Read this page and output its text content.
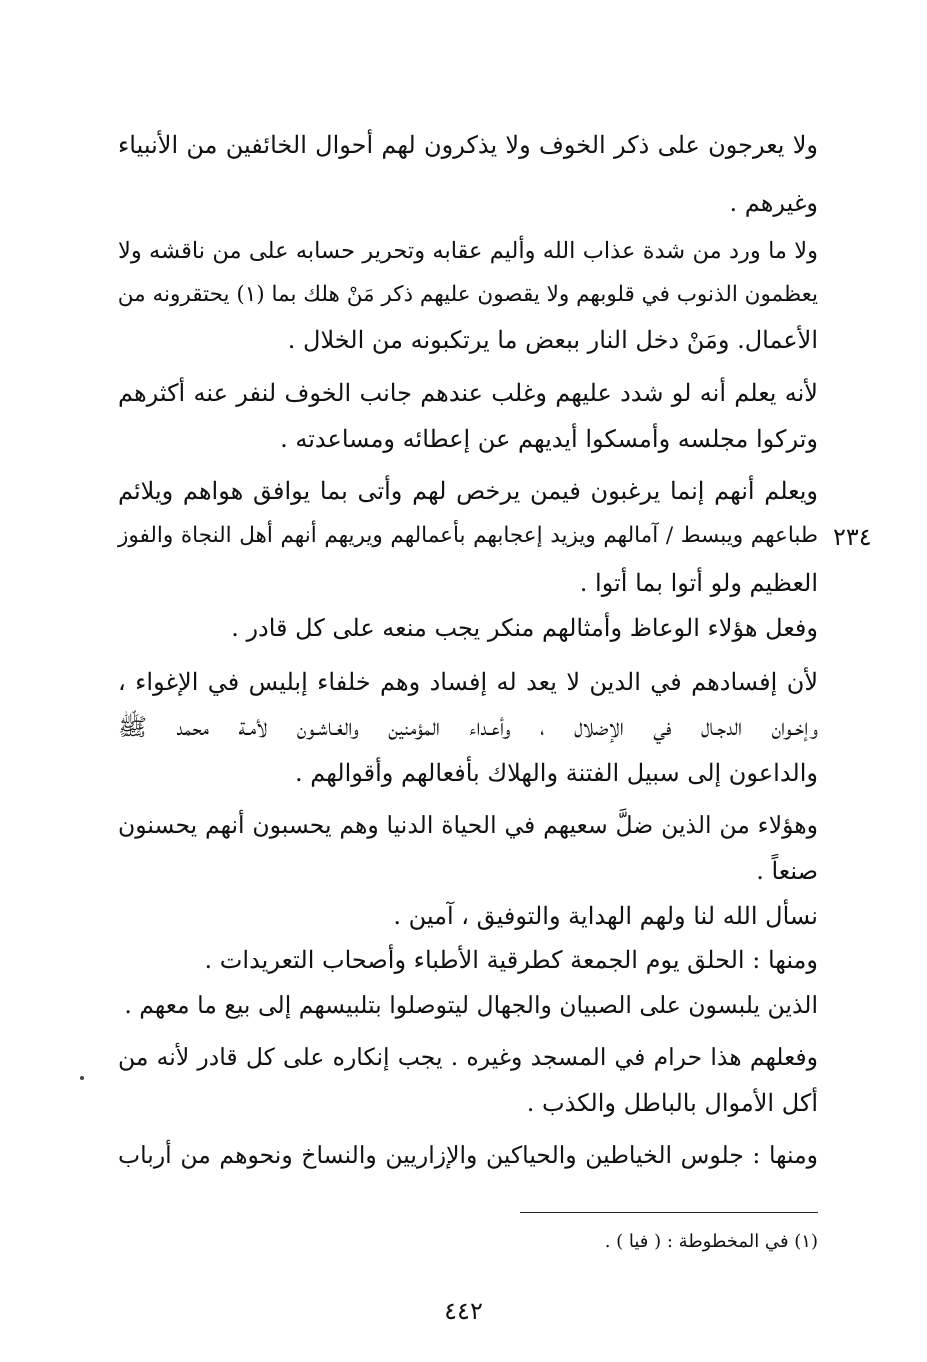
ولا يعرجون على ذكر الخوف ولا يذكرون لهم أحوال الخائفين من الأنبياء
وغيرهم .
ولا ما ورد من شدة عذاب الله وأليم عقابه وتحرير حسابه على من ناقشه ولا
يعظمون الذنوب في قلوبهم ولا يقصون عليهم ذكر مَنْ هلك بما (١) يحتقرونه من
الأعمال. ومَنْ دخل النار ببعض ما يرتكبونه من الخلال .
لأنه يعلم أنه لو شدد عليهم وغلب عندهم جانب الخوف لنفر عنه أكثرهم
وتركوا مجلسه وأمسكوا أيديهم عن إعطائه ومساعدته .
ويعلم أنهم إنما يرغبون فيمن يرخص لهم وأتى بما يوافق هواهم ويلائم
طباعهم ويبسط / آمالهم ويزيد إعجابهم بأعمالهم ويريهم أنهم أهل النجاة والفوز
العظيم ولو أتوا بما أتوا .
وفعل هؤلاء الوعاظ وأمثالهم منكر يجب منعه على كل قادر .
لأن إفسادهم في الدين لا يعد له إفساد وهم خلفاء إبليس في الإغواء ،
وإخـوان الدجـال في الإضلال ، وأعـداء المؤمنين والغـاشـون لأمـة محمد ﷺ
والداعون إلى سبيل الفتنة والهلاك بأفعالهم وأقوالهم .
وهؤلاء من الذين ضلَّ سعيهم في الحياة الدنيا وهم يحسبون أنهم يحسنون
صنعاً .
نسأل الله لنا ولهم الهداية والتوفيق ، آمين .
ومنها : الحلق يوم الجمعة كطرقية الأطباء وأصحاب التعريدات .
الذين يلبسون على الصبيان والجهال ليتوصلوا بتلبيسهم إلى بيع ما معهم .
وفعلهم هذا حرام في المسجد وغيره . يجب إنكاره على كل قادر لأنه من
أكل الأموال بالباطل والكذب .
ومنها : جلوس الخياطين والحياكين والإزاريين والنساخ ونحوهم من أرباب
٢٣٤
(١) في المخطوطة : ( فيا ) .
٤٤٢
